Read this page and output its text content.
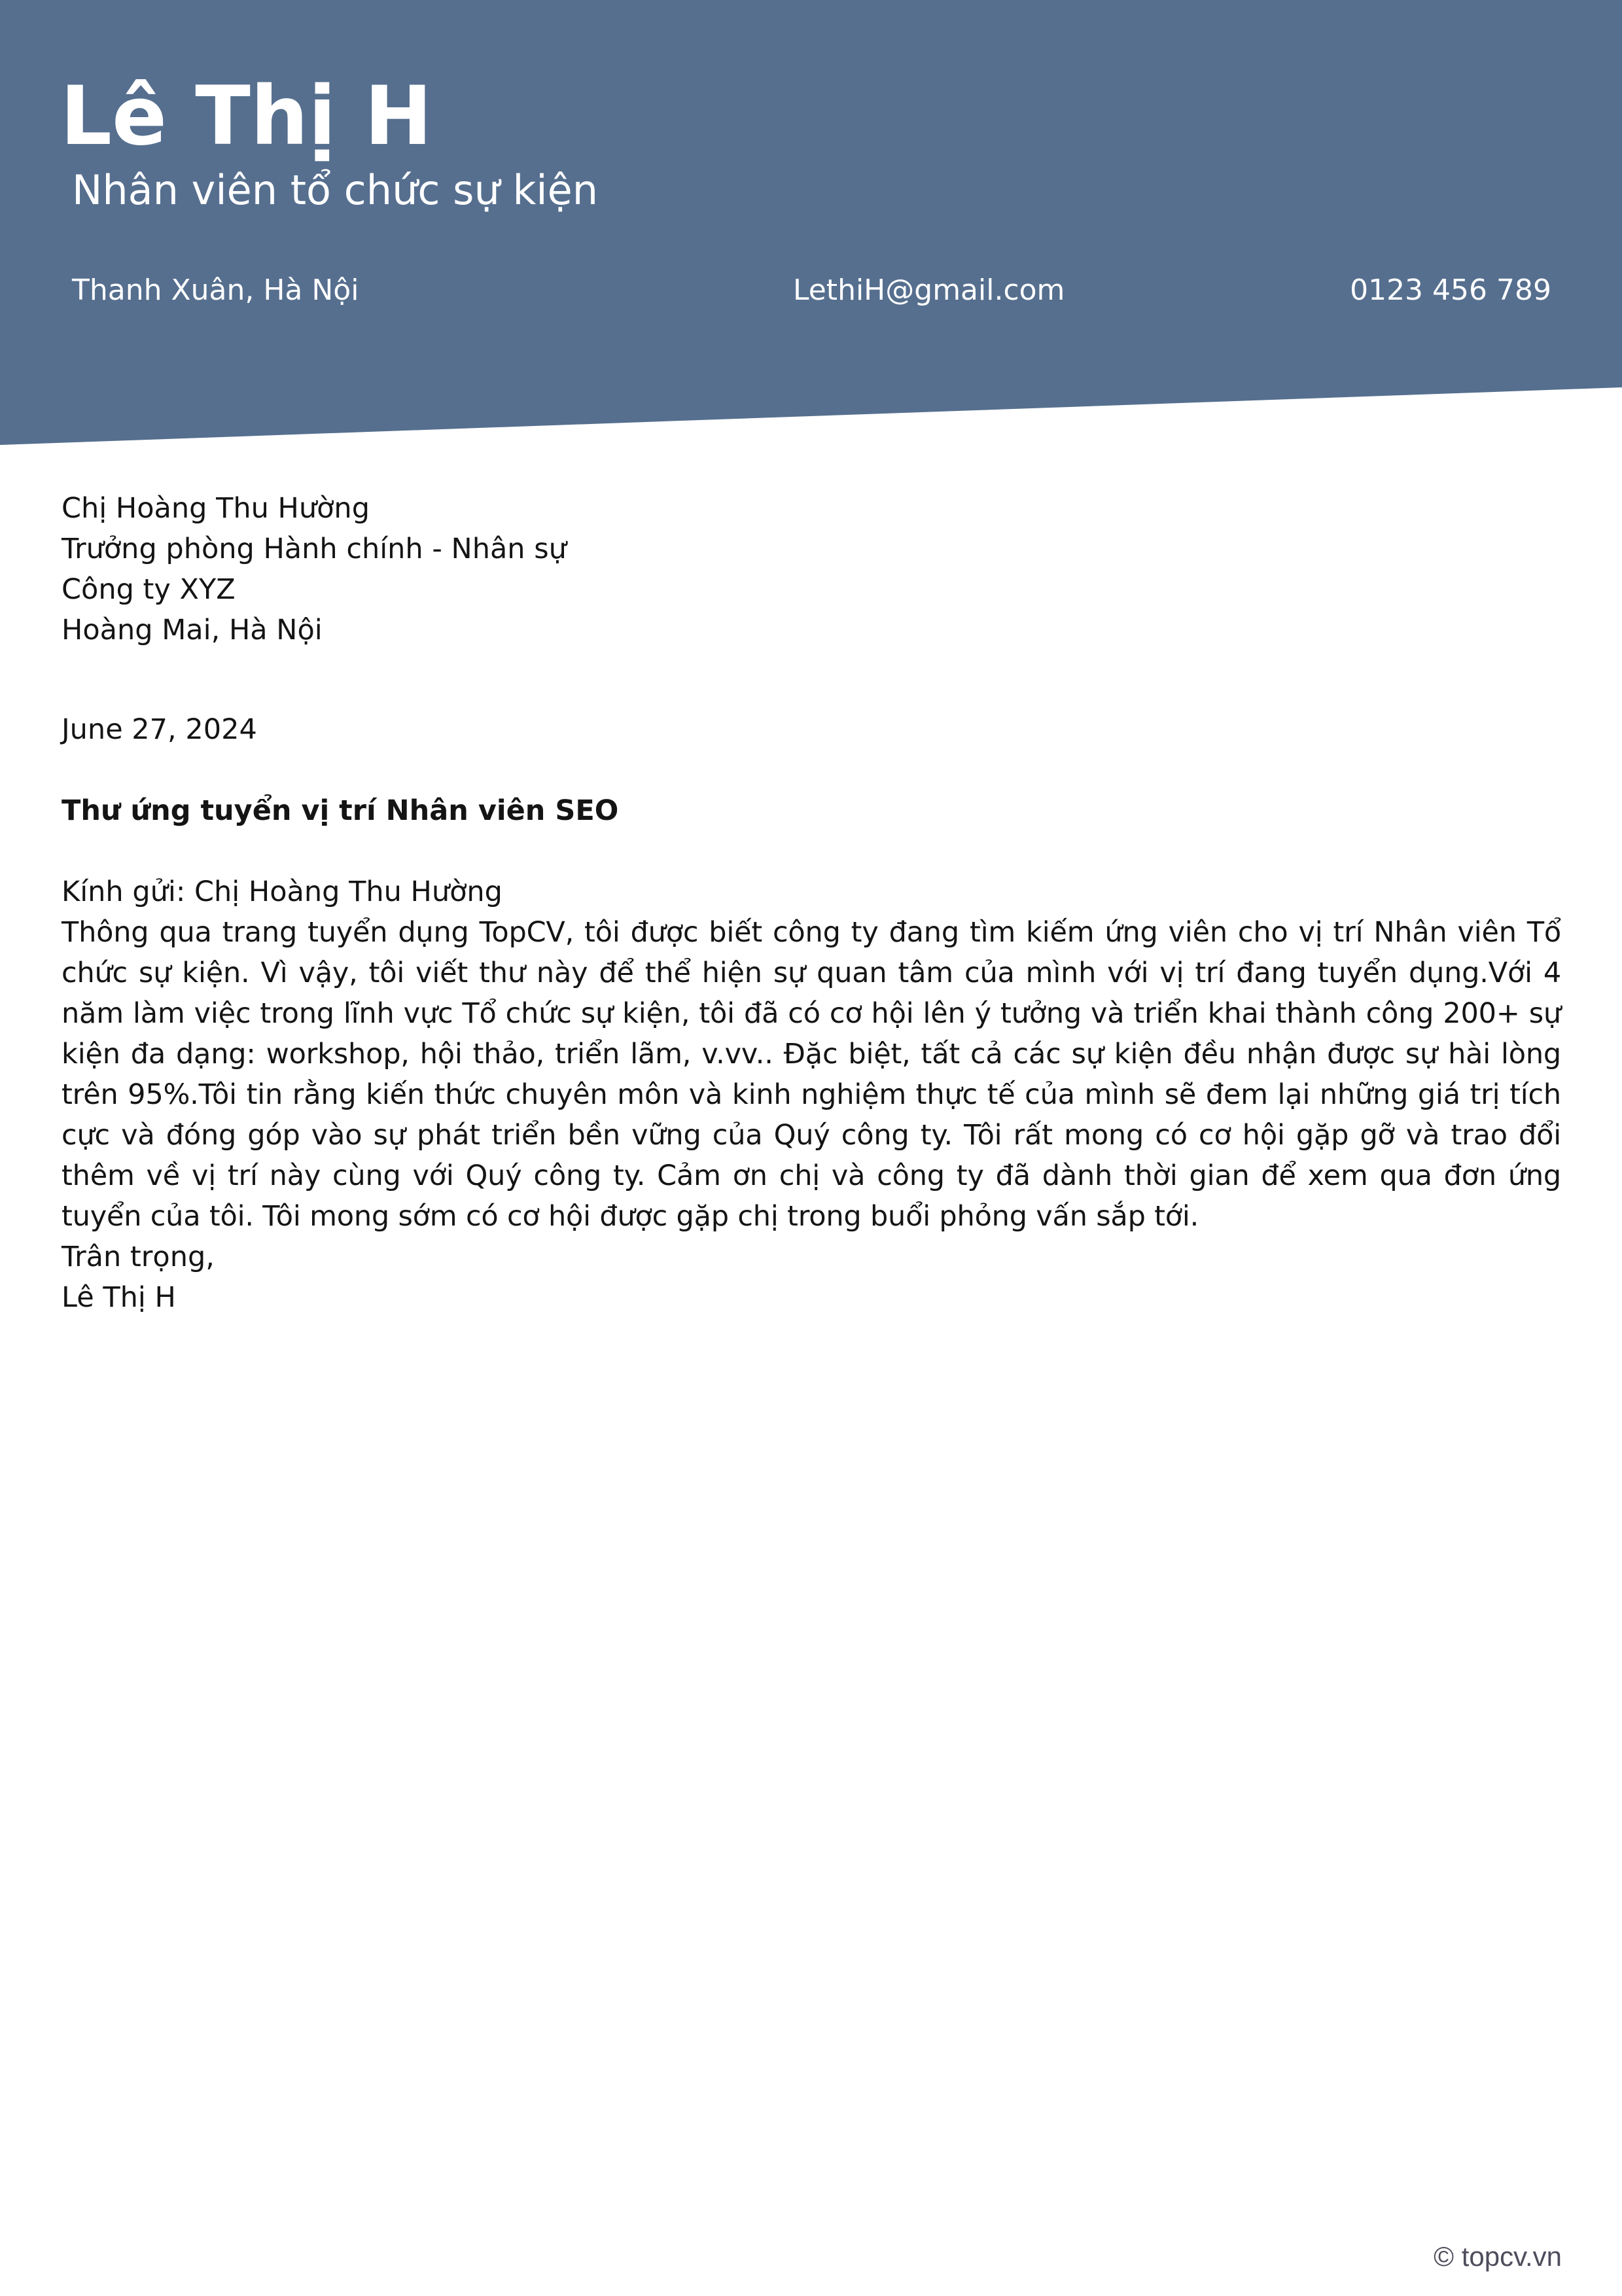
Lê Thị H
Nhân viên tổ chức sự kiện
Thanh Xuân, Hà Nội	LethiH@gmail.com	0123 456 789
Chị Hoàng Thu Hường
Trưởng phòng Hành chính - Nhân sự
Công ty XYZ
Hoàng Mai, Hà Nội
June 27, 2024
Thư ứng tuyển vị trí Nhân viên SEO
Kính gửi: Chị Hoàng Thu Hường

Thông qua trang tuyển dụng TopCV, tôi được biết công ty đang tìm kiếm ứng viên cho vị trí Nhân viên Tổ chức sự kiện. Vì vậy, tôi viết thư này để thể hiện sự quan tâm của mình với vị trí đang tuyển dụng.Với 4 năm làm việc trong lĩnh vực Tổ chức sự kiện, tôi đã có cơ hội lên ý tưởng và triển khai thành công 200+ sự kiện đa dạng: workshop, hội thảo, triển lãm, v.vv.. Đặc biệt, tất cả các sự kiện đều nhận được sự hài lòng trên 95%.Tôi tin rằng kiến thức chuyên môn và kinh nghiệm thực tế của mình sẽ đem lại những giá trị tích cực và đóng góp vào sự phát triển bền vững của Quý công ty. Tôi rất mong có cơ hội gặp gỡ và trao đổi thêm về vị trí này cùng với Quý công ty. Cảm ơn chị và công ty đã dành thời gian để xem qua đơn ứng tuyển của tôi. Tôi mong sớm có cơ hội được gặp chị trong buổi phỏng vấn sắp tới.

Trân trọng,
Lê Thị H
© topcv.vn
